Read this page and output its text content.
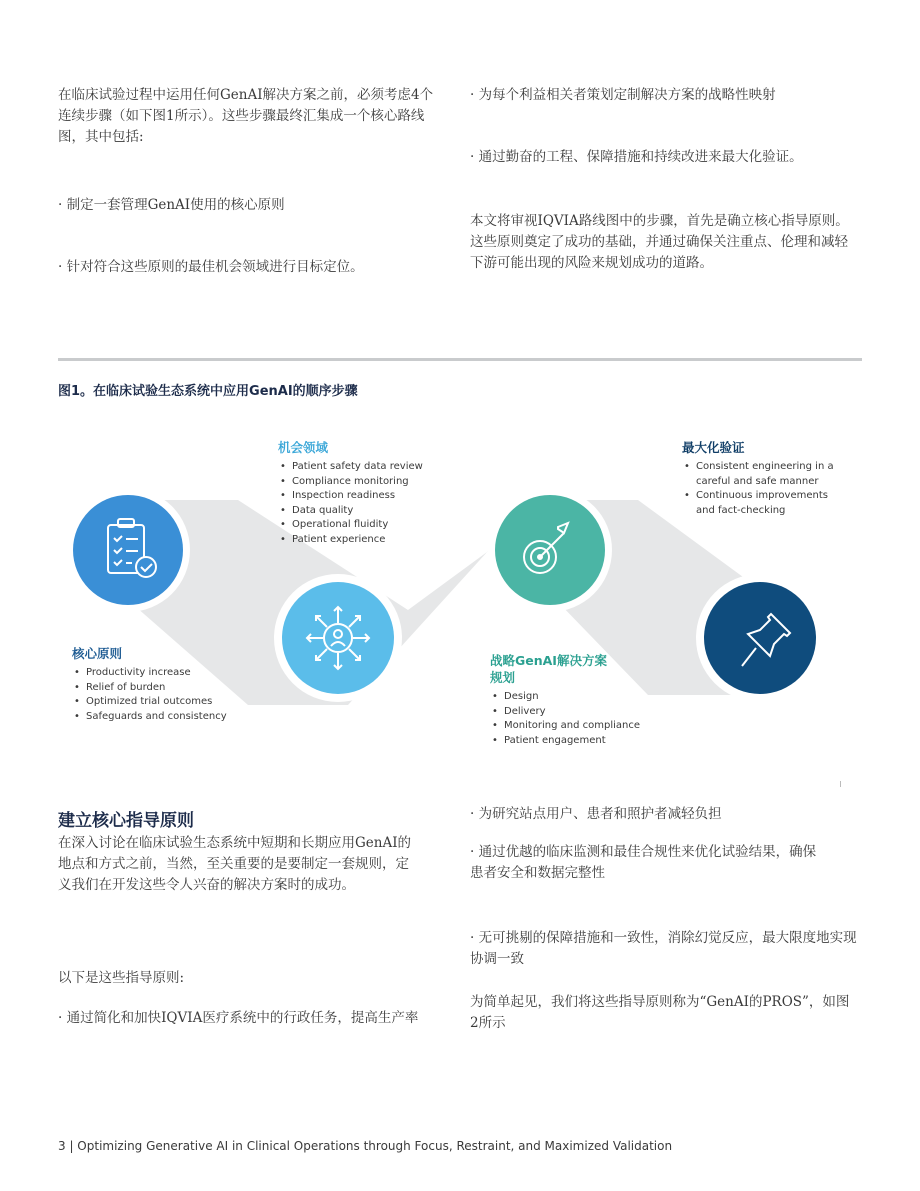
在临床试验过程中运用任何GenAI解决方案之前，必须考虑4个连续步骤（如下图1所示）。这些步骤最终汇集成一个核心路线图，其中包括:

· 制定一套管理GenAI使用的核心原则

· 针对符合这些原则的最佳机会领域进行目标定位。

· 为每个利益相关者策划定制解决方案的战略性映射

· 通过勤奋的工程、保障措施和持续改进来最大化验证。

本文将审视IQVIA路线图中的步骤，首先是确立核心指导原则。这些原则奠定了成功的基础，并通过确保关注重点、伦理和减轻下游可能出现的风险来规划成功的道路。

图1。在临床试验生态系统中应用GenAI的顺序步骤

机会领域

• Patient safety data review
• Compliance monitoring
• Inspection readiness
• Data quality
• Operational fluidity
• Patient experience

最大化验证

• Consistent engineering in a careful and safe manner
• Continuous improvements and fact-checking

核心原则

• Productivity increase
• Relief of burden
• Optimized trial outcomes
• Safeguards and consistency

战略GenAI解决方案
规划

• Design
• Delivery
• Monitoring and compliance
• Patient engagement
建立核心指导原则

在深入讨论在临床试验生态系统中短期和长期应用GenAI的地点和方式之前，当然，至关重要的是要制定一套规则，定义我们在开发这些令人兴奋的解决方案时的成功。

以下是这些指导原则:

· 通过简化和加快IQVIA医疗系统中的行政任务，提高生产率

· 为研究站点用户、患者和照护者减轻负担

· 通过优越的临床监测和最佳合规性来优化试验结果，确保患者安全和数据完整性

· 无可挑剔的保障措施和一致性，消除幻觉反应，最大限度地实现协调一致

为简单起见，我们将这些指导原则称为“GenAI的PROS”，如图2所示

3 | Optimizing Generative AI in Clinical Operations through Focus, Restraint, and Maximized Validation
